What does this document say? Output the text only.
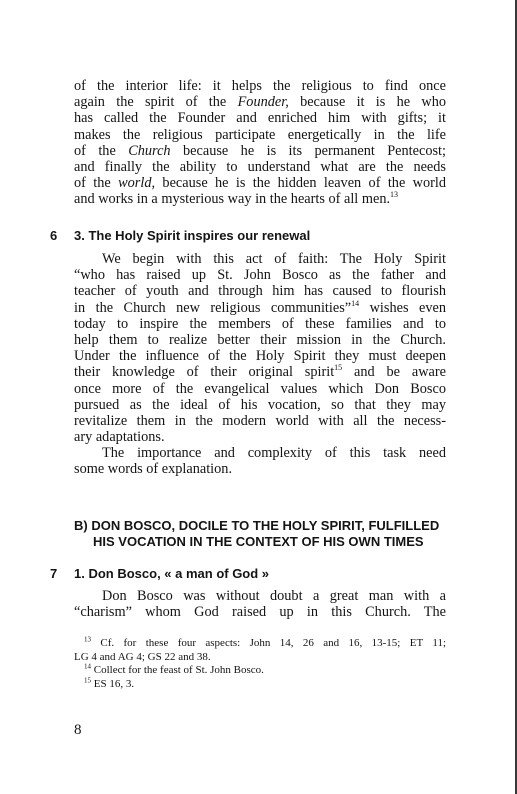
of the interior life: it helps the religious to find once
again the spirit of the Founder, because it is he who
has called the Founder and enriched him with gifts; it
makes the religious participate energetically in the life
of the Church because he is its permanent Pentecost;
and finally the ability to understand what are the needs
of the world, because he is the hidden leaven of the world
and works in a mysterious way in the hearts of all men.$^{13}$
6 3. The Holy Spirit inspires our renewal
We begin with this act of faith: The Holy Spirit
“who has raised up St. John Bosco as the father and
teacher of youth and through him has caused to flourish
in the Church new religious communities”$^{14}$ wishes even
today to inspire the members of these families and to
help them to realize better their mission in the Church.
Under the influence of the Holy Spirit they must deepen
their knowledge of their original spirit$^{15}$ and be aware
once more of the evangelical values which Don Bosco
pursued as the ideal of his vocation, so that they may
revitalize them in the modern world with all the necess-
ary adaptations.
The importance and complexity of this task need
some words of explanation.
B) DON BOSCO, DOCILE TO THE HOLY SPIRIT, FULFILLED
HIS VOCATION IN THE CONTEXT OF HIS OWN TIMES
7 1. Don Bosco, « a man of God »
Don Bosco was without doubt a great man with a
“charism” whom God raised up in this Church. The
$^{13}$ Cf. for these four aspects: John 14, 26 and 16, 13-15; ET 11;
LG 4 and AG 4; GS 22 and 38.
$^{14}$ Collect for the feast of St. John Bosco.
$^{15}$ ES 16, 3.
8
